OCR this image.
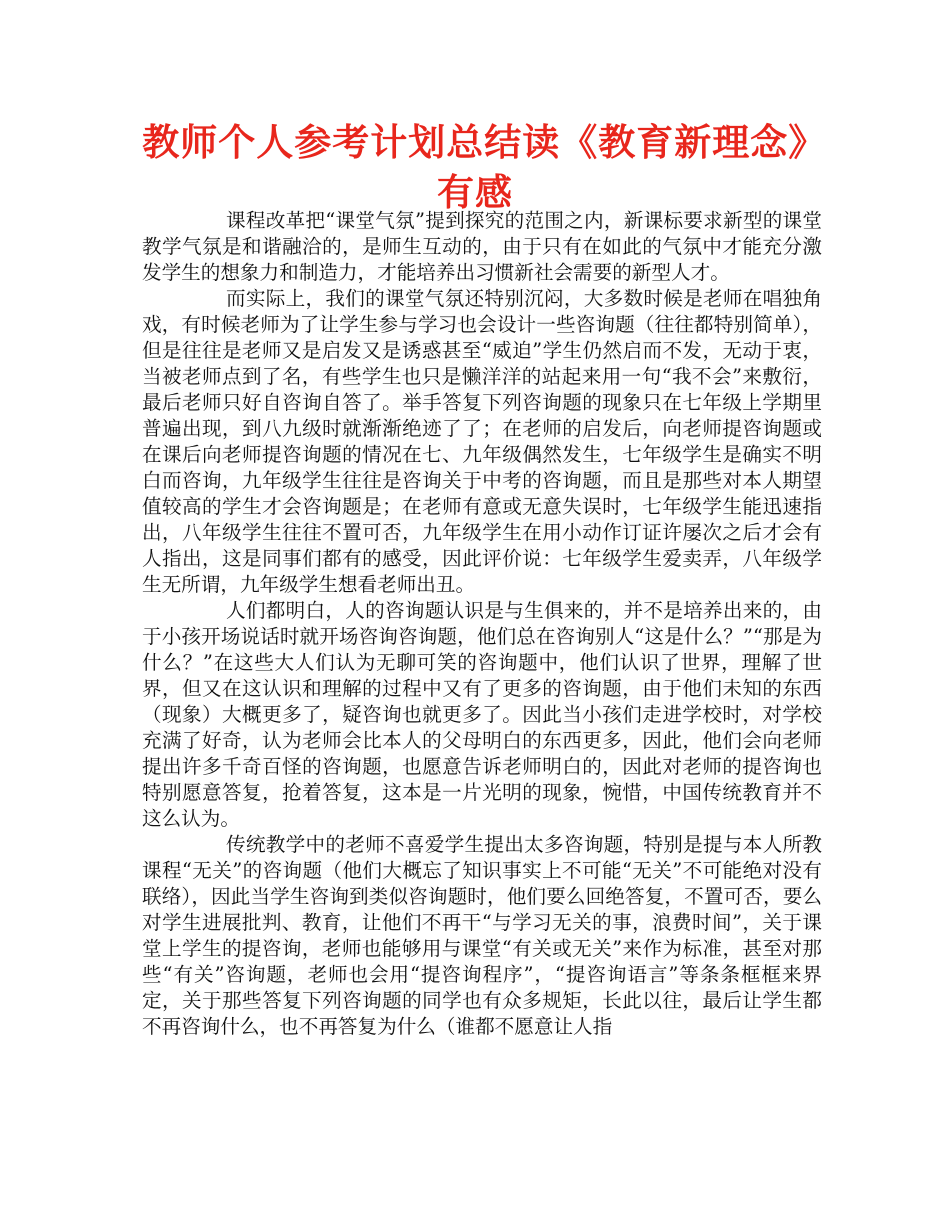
教师个人参考计划总结读《教育新理念》有感

课程改革把“课堂气氛”提到探究的范围之内，新课标要求新型的课堂教学气氛是和谐融洽的，是师生互动的，由于只有在如此的气氛中才能充分激发学生的想象力和制造力，才能培养出习惯新社会需要的新型人才。

而实际上，我们的课堂气氛还特别沉闷，大多数时候是老师在唱独角戏，有时候老师为了让学生参与学习也会设计一些咨询题（往往都特别简单），但是往往是老师又是启发又是诱惑甚至“威迫”学生仍然启而不发，无动于衷，当被老师点到了名，有些学生也只是懒洋洋的站起来用一句“我不会”来敷衍，最后老师只好自咨询自答了。举手答复下列咨询题的现象只在七年级上学期里普遍出现，到八九级时就渐渐绝迹了了；在老师的启发后，向老师提咨询题或在课后向老师提咨询题的情况在七、九年级偶然发生，七年级学生是确实不明白而咨询，九年级学生往往是咨询关于中考的咨询题，而且是那些对本人期望值较高的学生才会咨询题是；在老师有意或无意失误时，七年级学生能迅速指出，八年级学生往往不置可否，九年级学生在用小动作订证许屡次之后才会有人指出，这是同事们都有的感受，因此评价说：七年级学生爱卖弄，八年级学生无所谓，九年级学生想看老师出丑。

人们都明白，人的咨询题认识是与生俱来的，并不是培养出来的，由于小孩开场说话时就开场咨询咨询题，他们总在咨询别人“这是什么？”“那是为什么？”在这些大人们认为无聊可笑的咨询题中，他们认识了世界，理解了世界，但又在这认识和理解的过程中又有了更多的咨询题，由于他们未知的东西（现象）大概更多了，疑咨询也就更多了。因此当小孩们走进学校时，对学校充满了好奇，认为老师会比本人的父母明白的东西更多，因此，他们会向老师提出许多千奇百怪的咨询题，也愿意告诉老师明白的，因此对老师的提咨询也特别愿意答复，抢着答复，这本是一片光明的现象，惋惜，中国传统教育并不这么认为。

传统教学中的老师不喜爱学生提出太多咨询题，特别是提与本人所教课程“无关”的咨询题（他们大概忘了知识事实上不可能“无关”不可能绝对没有联络），因此当学生咨询到类似咨询题时，他们要么回绝答复，不置可否，要么对学生进展批判、教育，让他们不再干“与学习无关的事，浪费时间”，关于课堂上学生的提咨询，老师也能够用与课堂“有关或无关”来作为标准，甚至对那些“有关”咨询题，老师也会用“提咨询程序”，“提咨询语言”等条条框框来界定，关于那些答复下列咨询题的同学也有众多规矩，长此以往，最后让学生都不再咨询什么，也不再答复为什么（谁都不愿意让人指
